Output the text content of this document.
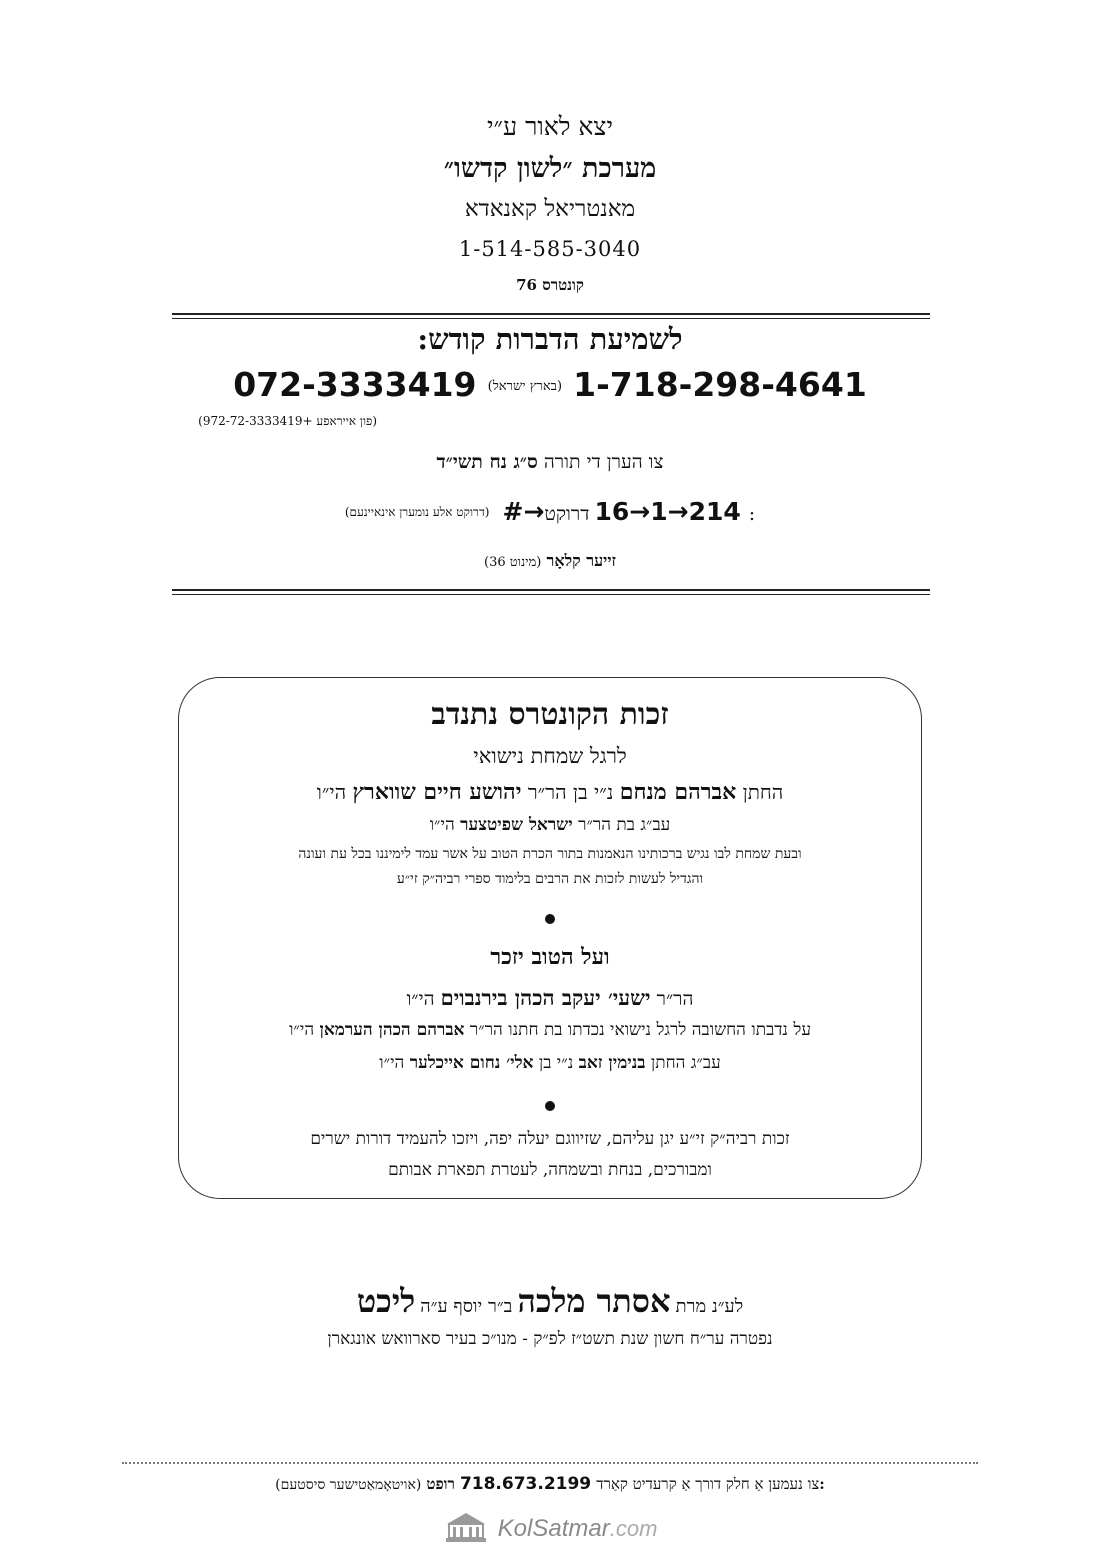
יצא לאור ע״י
מערכת ״לשון קדשו״
מאנטריאל קאנאדא
1-514-585-3040
קונטרס 76
לשמיעת הדברות קודש:
072-3333419 $^{(בארץ ישראל)}$ 1-718-298-4641
(פון אייראפע +972-72-3333419)
צו הערן די תורה ס״ג נח תשי״ד
$^{(דרוקט אלע נומערן אינאיינעם)}$ #→214→1→16 דרוקט:
(36 מינוט) זייער קלאָר
זכות הקונטרס נתנדב
לרגל שמחת נישואי
החתן אברהם מנחם נ״י בן הר״ר יהושע חיים שווארץ הי״ו
עב״ג בת הר״ר ישראל שפיטצער הי״ו
ובעת שמחת לבו נגיש ברכותינו הנאמנות בתור הכרת הטוב על אשר עמד לימיננו בכל עת ועונה
והגדיל לעשות לזכות את הרבים בלימוד ספרי רביה״ק זי״ע
ועל הטוב יזכר
הר״ר ישעי׳ יעקב הכהן בירנבוים הי״ו
על נדבתו החשובה לרגל נישואי נכדתו בת חתנו הר״ר אברהם הכהן הערמאן הי״ו
עב״ג החתן בנימין זאב נ״י בן אלי׳ נחום אייכלער הי״ו
זכות רביה״ק זי״ע יגן עליהם, שזיווגם יעלה יפה, ויזכו להעמיד דורות ישרים
ומבורכים, בנחת ובשמחה, לעטרת תפארת אבותם
לע״נ מרת אסתר מלכה ב״ר יוסף ע״ה ליכט
נפטרה ער״ח חשון שנת תשט״ז לפ״ק - מנו״כ בעיר סארוואש אונגארן
(אויטאָמאַטישער סיסטעם)	צו נעמען אַ חלק דורך אַ קרעדיט קאַרד 718.673.2199 רופט:
KolSatmar.com
